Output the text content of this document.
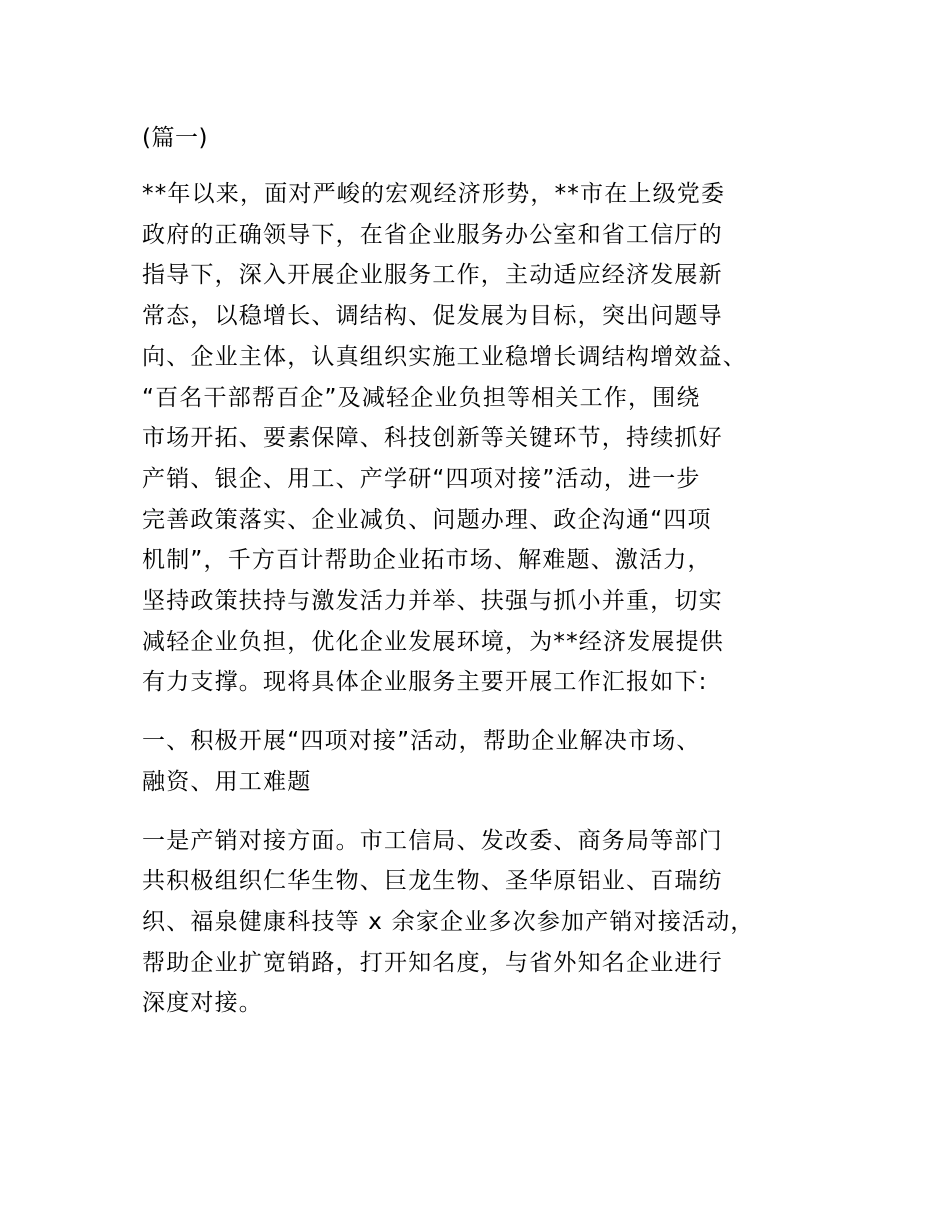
(篇一)

**年以来，面对严峻的宏观经济形势，**市在上级党委
政府的正确领导下，在省企业服务办公室和省工信厅的
指导下，深入开展企业服务工作，主动适应经济发展新
常态，以稳增长、调结构、促发展为目标，突出问题导
向、企业主体，认真组织实施工业稳增长调结构增效益、
“百名干部帮百企”及减轻企业负担等相关工作，围绕
市场开拓、要素保障、科技创新等关键环节，持续抓好
产销、银企、用工、产学研“四项对接”活动，进一步
完善政策落实、企业减负、问题办理、政企沟通“四项
机制”，千方百计帮助企业拓市场、解难题、激活力，
坚持政策扶持与激发活力并举、扶强与抓小并重，切实
减轻企业负担，优化企业发展环境，为**经济发展提供
有力支撑。现将具体企业服务主要开展工作汇报如下:

一、积极开展“四项对接”活动，帮助企业解决市场、
融资、用工难题

一是产销对接方面。市工信局、发改委、商务局等部门
共积极组织仁华生物、巨龙生物、圣华原铝业、百瑞纺
织、福泉健康科技等 x 余家企业多次参加产销对接活动，
帮助企业扩宽销路，打开知名度，与省外知名企业进行
深度对接。
